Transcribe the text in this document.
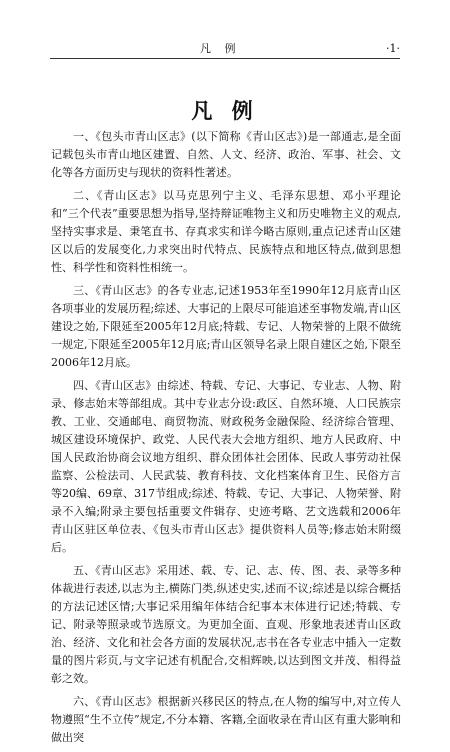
凡 例	·1·
凡 例

一、《包头市青山区志》(以下简称《青山区志》)是一部通志,是全面记载包头市青山地区建置、自然、人文、经济、政治、军事、社会、文化等各方面历史与现状的资料性著述。

二、《青山区志》以马克思列宁主义、毛泽东思想、邓小平理论和“三个代表”重要思想为指导,坚持辩证唯物主义和历史唯物主义的观点,坚持实事求是、秉笔直书、存真求实和详今略古原则,重点记述青山区建区以后的发展变化,力求突出时代特点、民族特点和地区特点,做到思想性、科学性和资料性相统一。

三、《青山区志》的各专业志,记述1953年至1990年12月底青山区各项事业的发展历程;综述、大事记的上限尽可能追述至事物发端,青山区建设之始,下限延至2005年12月底;特载、专记、人物荣誉的上限不做统一规定,下限延至2005年12月底;青山区领导名录上限自建区之始,下限至2006年12月底。

四、《青山区志》由综述、特载、专记、大事记、专业志、人物、附录、修志始末等部组成。其中专业志分设:政区、自然环境、人口民族宗教、工业、交通邮电、商贸物流、财政税务金融保险、经济综合管理、城区建设环境保护、政党、人民代表大会地方组织、地方人民政府、中国人民政治协商会议地方组织、群众团体社会团体、民政人事劳动社保监察、公检法司、人民武装、教育科技、文化档案体育卫生、民俗方言等20编、69章、317节组成;综述、特载、专记、大事记、人物荣誉、附录不入编;附录主要包括重要文件辑存、史迹考略、艺文选载和2006年青山区驻区单位表、《包头市青山区志》提供资料人员等;修志始末附缀后。

五、《青山区志》采用述、载、专、记、志、传、图、表、录等多种体裁进行表述,以志为主,横陈门类,纵述史实,述而不议;综述是以综合概括的方法记述区情;大事记采用编年体结合纪事本末体进行记述;特载、专记、附录等照录或节选原文。为更加全面、直观、形象地表述青山区政治、经济、文化和社会各方面的发展状况,志书在各专业志中插入一定数量的图片彩页,与文字记述有机配合,交相辉映,以达到图文并茂、相得益彰之效。

六、《青山区志》根据新兴移民区的特点,在人物的编写中,对立传人物遵照“生不立传”规定,不分本籍、客籍,全面收录在青山区有重大影响和做出突
